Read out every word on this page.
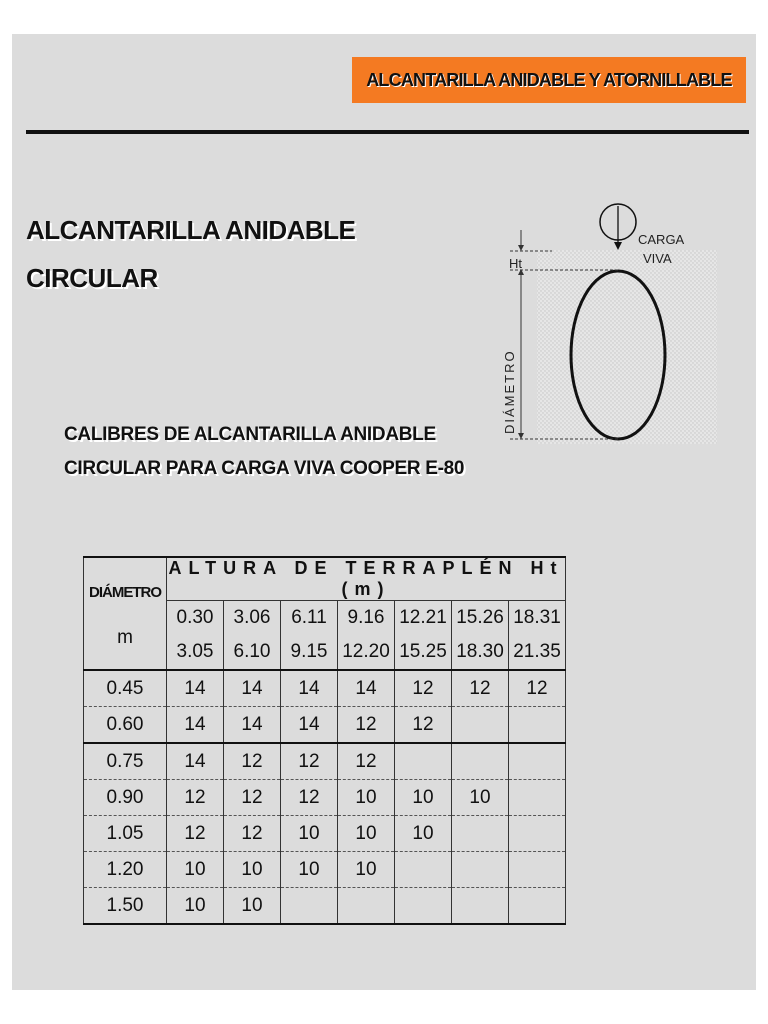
ALCANTARILLA ANIDABLE Y ATORNILLABLE
ALCANTARILLA ANIDABLE
CIRCULAR
CALIBRES DE ALCANTARILLA ANIDABLE
CIRCULAR PARA CARGA VIVA COOPER E-80
CARGA
VIVA
Ht
DIÁMETRO
DIÁMETRO
m	ALTURA DE TERRAPLÉN Ht (m)						
	0.30	3.06	6.11	9.16	12.21	15.26	18.31
	3.05	6.10	9.15	12.20	15.25	18.30	21.35
0.45	14	14	14	14	12	12	12
0.60	14	14	14	12	12		
0.75	14	12	12	12			
0.90	12	12	12	10	10	10	
1.05	12	12	10	10	10		
1.20	10	10	10	10			
1.50	10	10					
